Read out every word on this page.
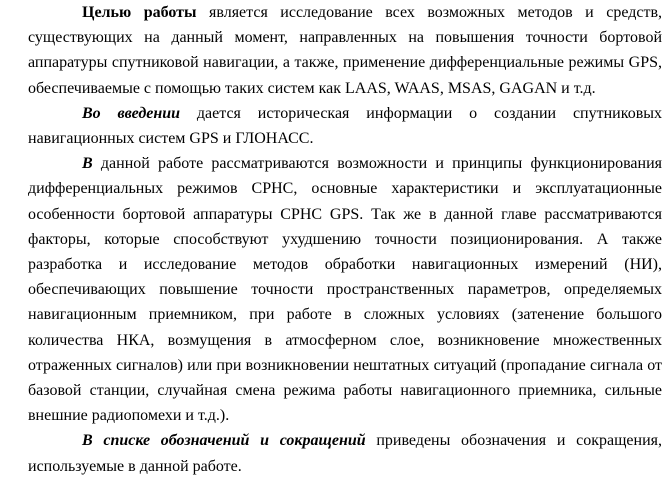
Целью работы является исследование всех возможных методов и средств, существующих на данный момент, направленных на повышения точности бортовой аппаратуры спутниковой навигации, а также, применение дифференциальные режимы GPS, обеспечиваемые с помощью таких систем как LAAS, WAAS, MSAS, GAGAN и т.д.

Во введении дается историческая информации о создании спутниковых навигационных систем GPS и ГЛОНАСС.

В данной работе рассматриваются возможности и принципы функционирования дифференциальных режимов СРНС, основные характеристики и эксплуатационные особенности бортовой аппаратуры СРНС GPS. Так же в данной главе рассматриваются факторы, которые способствуют ухудшению точности позиционирования. А также разработка и исследование методов обработки навигационных измерений (НИ), обеспечивающих повышение точности пространственных параметров, определяемых навигационным приемником, при работе в сложных условиях (затенение большого количества НКА, возмущения в атмосферном слое, возникновение множественных отраженных сигналов) или при возникновении нештатных ситуаций (пропадание сигнала от базовой станции, случайная смена режима работы навигационного приемника, сильные внешние радиопомехи и т.д.).

В списке обозначений и сокращений приведены обозначения и сокращения, используемые в данной работе.
